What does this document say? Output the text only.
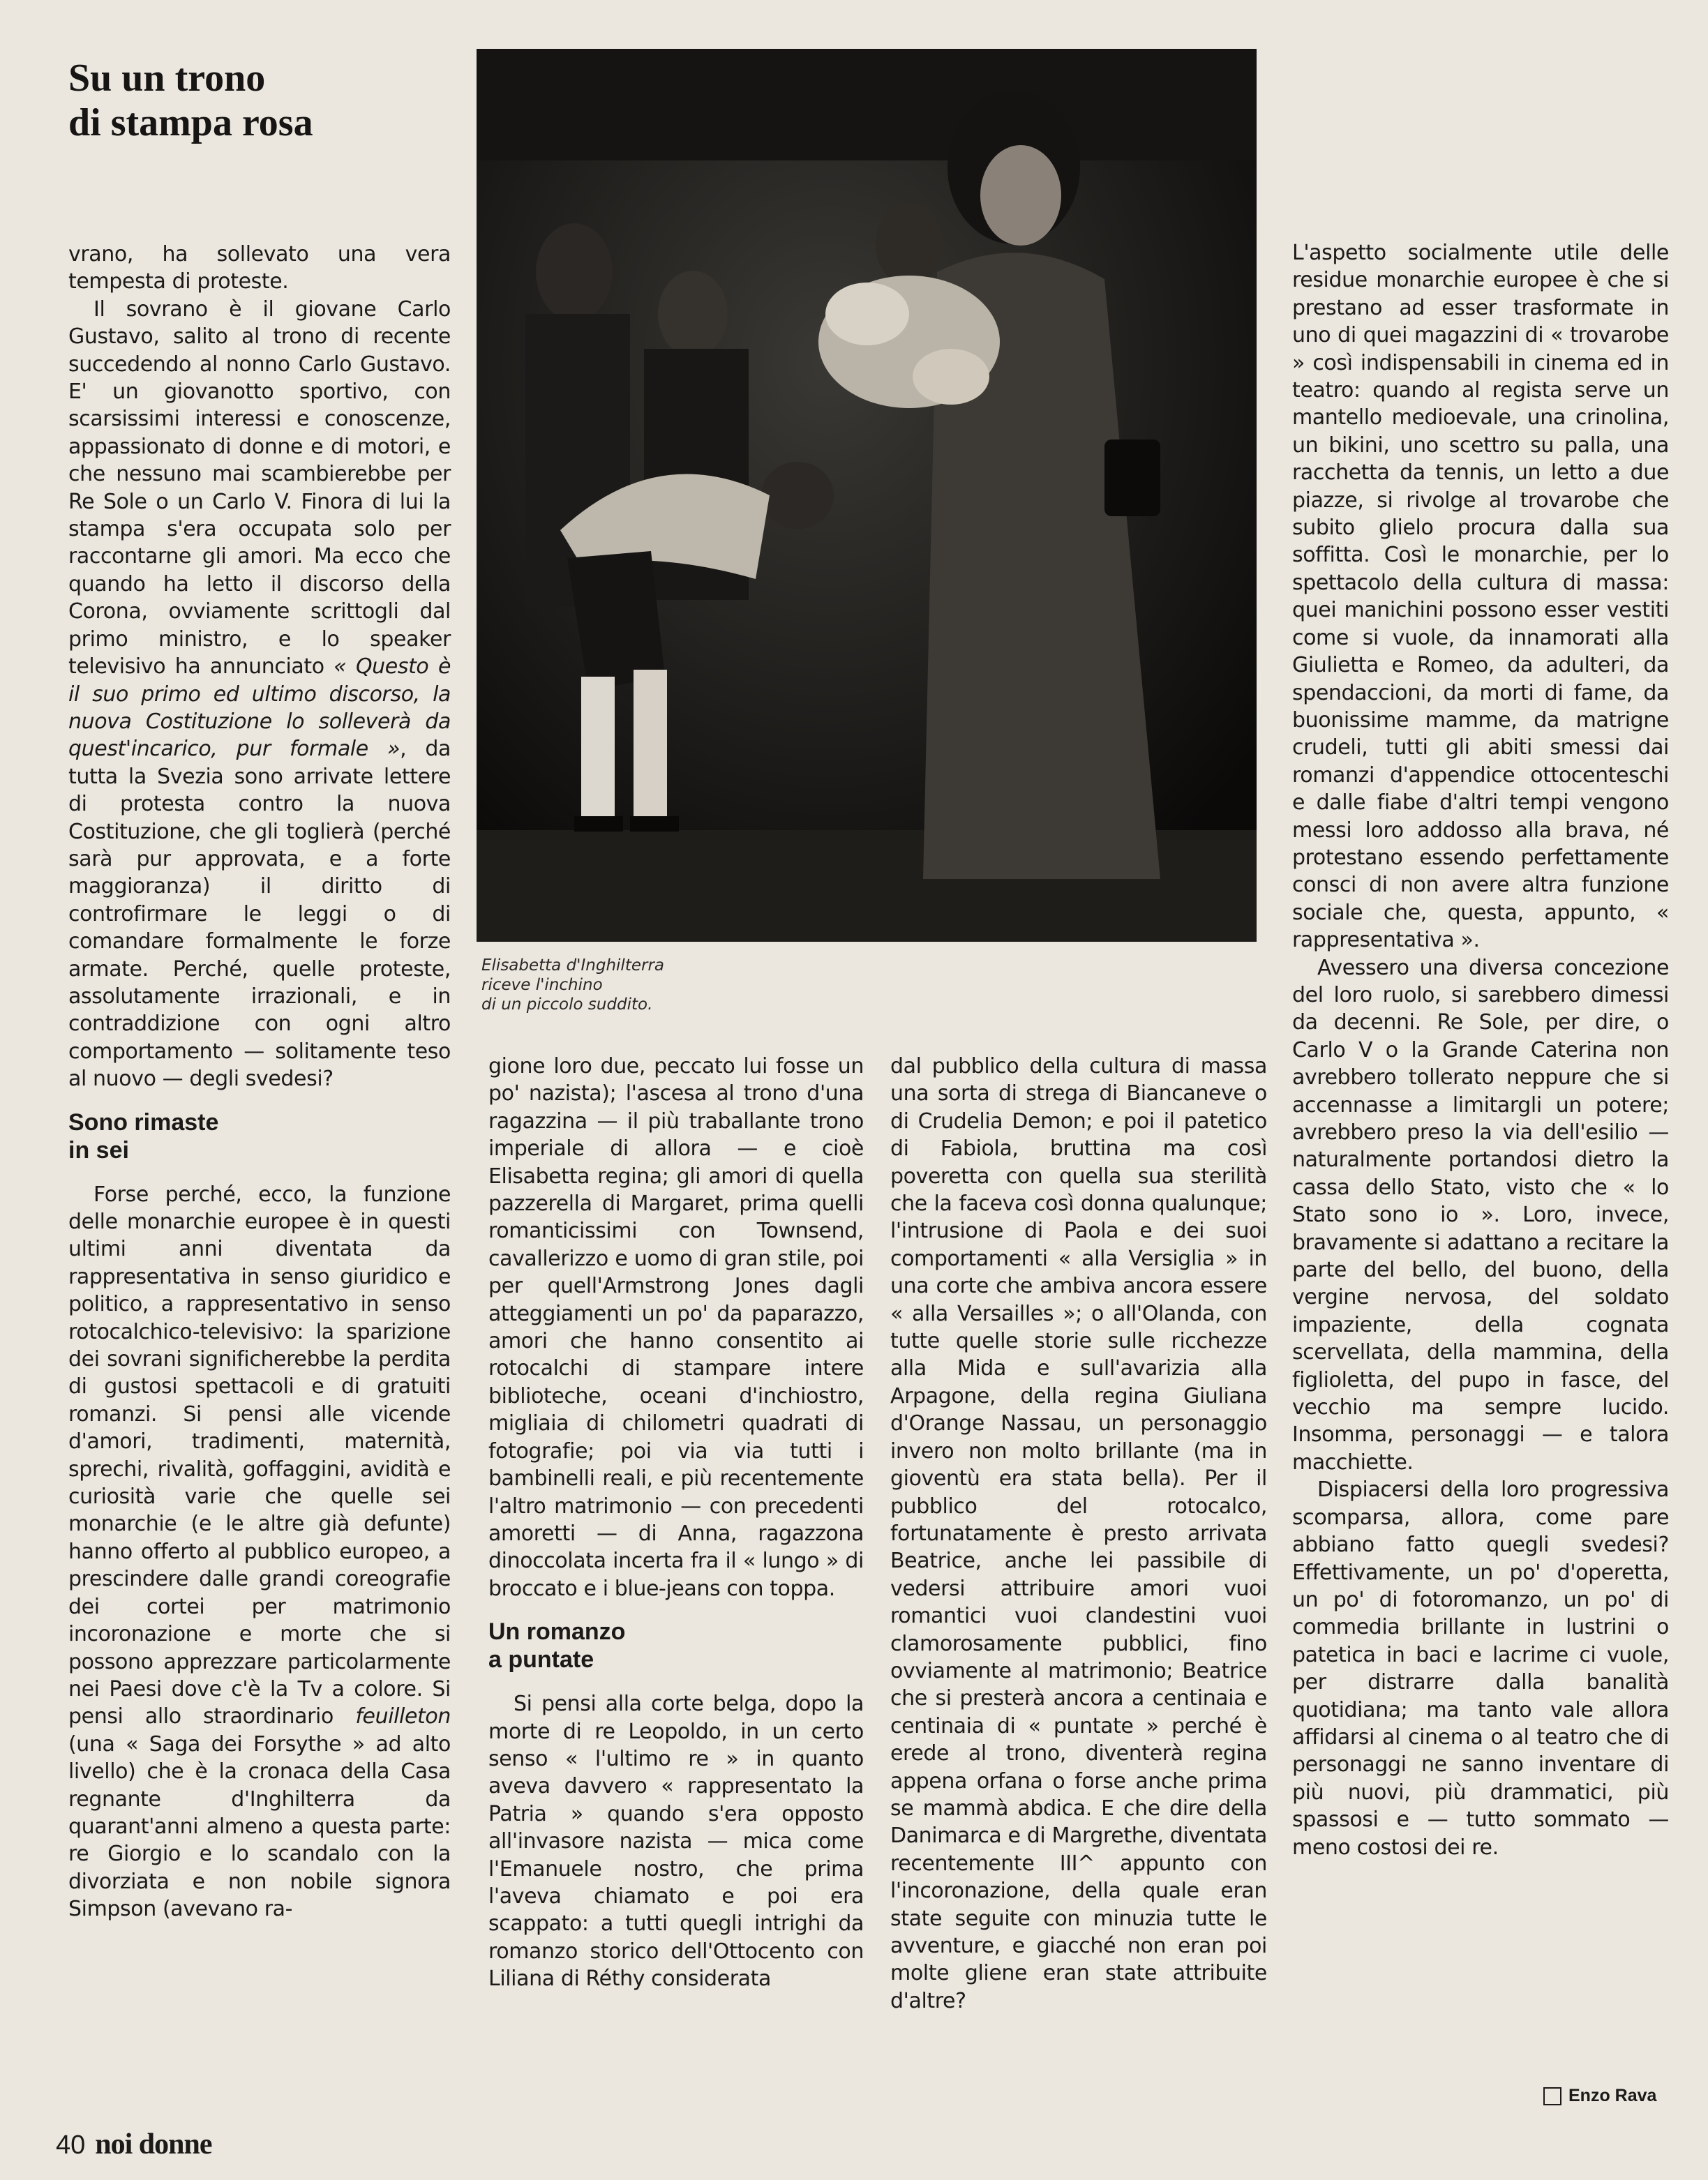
Su un trono
di stampa rosa
Elisabetta d'Inghilterra
riceve l'inchino
di un piccolo suddito.

vrano, ha sollevato una vera tempesta di proteste.

Il sovrano è il giovane Carlo Gustavo, salito al trono di recente succedendo al nonno Carlo Gustavo. E' un giovanotto sportivo, con scarsissimi interessi e conoscenze, appassionato di donne e di motori, e che nessuno mai scambierebbe per Re Sole o un Carlo V. Finora di lui la stampa s'era occupata solo per raccontarne gli amori. Ma ecco che quando ha letto il discorso della Corona, ovviamente scrittogli dal primo ministro, e lo speaker televisivo ha annunciato « Questo è il suo primo ed ultimo discorso, la nuova Costituzione lo solleverà da quest'incarico, pur formale », da tutta la Svezia sono arrivate lettere di protesta contro la nuova Costituzione, che gli toglierà (perché sarà pur approvata, e a forte maggioranza) il diritto di controfirmare le leggi o di comandare formalmente le forze armate. Perché, quelle proteste, assolutamente irrazionali, e in contraddizione con ogni altro comportamento — solitamente teso al nuovo — degli svedesi?

Sono rimaste
in sei

Forse perché, ecco, la funzione delle monarchie europee è in questi ultimi anni diventata da rappresentativa in senso giuridico e politico, a rappresentativo in senso rotocalchico-televisivo: la sparizione dei sovrani significherebbe la perdita di gustosi spettacoli e di gratuiti romanzi. Si pensi alle vicende d'amori, tradimenti, maternità, sprechi, rivalità, goffaggini, avidità e curiosità varie che quelle sei monarchie (e le altre già defunte) hanno offerto al pubblico europeo, a prescindere dalle grandi coreografie dei cortei per matrimonio incoronazione e morte che si possono apprezzare particolarmente nei Paesi dove c'è la Tv a colore. Si pensi allo straordinario feuilleton (una « Saga dei Forsythe » ad alto livello) che è la cronaca della Casa regnante d'Inghilterra da quarant'anni almeno a questa parte: re Giorgio e lo scandalo con la divorziata e non nobile signora Simpson (avevano ra-

gione loro due, peccato lui fosse un po' nazista); l'ascesa al trono d'una ragazzina — il più traballante trono imperiale di allora — e cioè Elisabetta regina; gli amori di quella pazzerella di Margaret, prima quelli romanticissimi con Townsend, cavallerizzo e uomo di gran stile, poi per quell'Armstrong Jones dagli atteggiamenti un po' da paparazzo, amori che hanno consentito ai rotocalchi di stampare intere biblioteche, oceani d'inchiostro, migliaia di chilometri quadrati di fotografie; poi via via tutti i bambinelli reali, e più recentemente l'altro matrimonio — con precedenti amoretti — di Anna, ragazzona dinoccolata incerta fra il « lungo » di broccato e i blue-jeans con toppa.

Un romanzo
a puntate

Si pensi alla corte belga, dopo la morte di re Leopoldo, in un certo senso « l'ultimo re » in quanto aveva davvero « rappresentato la Patria » quando s'era opposto all'invasore nazista — mica come l'Emanuele nostro, che prima l'aveva chiamato e poi era scappato: a tutti quegli intrighi da romanzo storico dell'Ottocento con Liliana di Réthy considerata

dal pubblico della cultura di massa una sorta di strega di Biancaneve o di Crudelia Demon; e poi il patetico di Fabiola, bruttina ma così poveretta con quella sua sterilità che la faceva così donna qualunque; l'intrusione di Paola e dei suoi comportamenti « alla Versiglia » in una corte che ambiva ancora essere « alla Versailles »; o all'Olanda, con tutte quelle storie sulle ricchezze alla Mida e sull'avarizia alla Arpagone, della regina Giuliana d'Orange Nassau, un personaggio invero non molto brillante (ma in gioventù era stata bella). Per il pubblico del rotocalco, fortunatamente è presto arrivata Beatrice, anche lei passibile di vedersi attribuire amori vuoi romantici vuoi clandestini vuoi clamorosamente pubblici, fino ovviamente al matrimonio; Beatrice che si presterà ancora a centinaia e centinaia di « puntate » perché è erede al trono, diventerà regina appena orfana o forse anche prima se mammà abdica. E che dire della Danimarca e di Margrethe, diventata recentemente III^ appunto con l'incoronazione, della quale eran state seguite con minuzia tutte le avventure, e giacché non eran poi molte gliene eran state attribuite d'altre?

L'aspetto socialmente utile delle residue monarchie europee è che si prestano ad esser trasformate in uno di quei magazzini di « trovarobe » così indispensabili in cinema ed in teatro: quando al regista serve un mantello medioevale, una crinolina, un bikini, uno scettro su palla, una racchetta da tennis, un letto a due piazze, si rivolge al trovarobe che subito glielo procura dalla sua soffitta. Così le monarchie, per lo spettacolo della cultura di massa: quei manichini possono esser vestiti come si vuole, da innamorati alla Giulietta e Romeo, da adulteri, da spendaccioni, da morti di fame, da buonissime mamme, da matrigne crudeli, tutti gli abiti smessi dai romanzi d'appendice ottocenteschi e dalle fiabe d'altri tempi vengono messi loro addosso alla brava, né protestano essendo perfettamente consci di non avere altra funzione sociale che, questa, appunto, « rappresentativa ».

Avessero una diversa concezione del loro ruolo, si sarebbero dimessi da decenni. Re Sole, per dire, o Carlo V o la Grande Caterina non avrebbero tollerato neppure che si accennasse a limitargli un potere; avrebbero preso la via dell'esilio — naturalmente portandosi dietro la cassa dello Stato, visto che « lo Stato sono io ». Loro, invece, bravamente si adattano a recitare la parte del bello, del buono, della vergine nervosa, del soldato impaziente, della cognata scervellata, della mammina, della figlioletta, del pupo in fasce, del vecchio ma sempre lucido. Insomma, personaggi — e talora macchiette.

Dispiacersi della loro progressiva scomparsa, allora, come pare abbiano fatto quegli svedesi? Effettivamente, un po' d'operetta, un po' di fotoromanzo, un po' di commedia brillante in lustrini o patetica in baci e lacrime ci vuole, per distrarre dalla banalità quotidiana; ma tanto vale allora affidarsi al cinema o al teatro che di personaggi ne sanno inventare di più nuovi, più drammatici, più spassosi e — tutto sommato — meno costosi dei re.

Enzo Rava
40 noi donne
